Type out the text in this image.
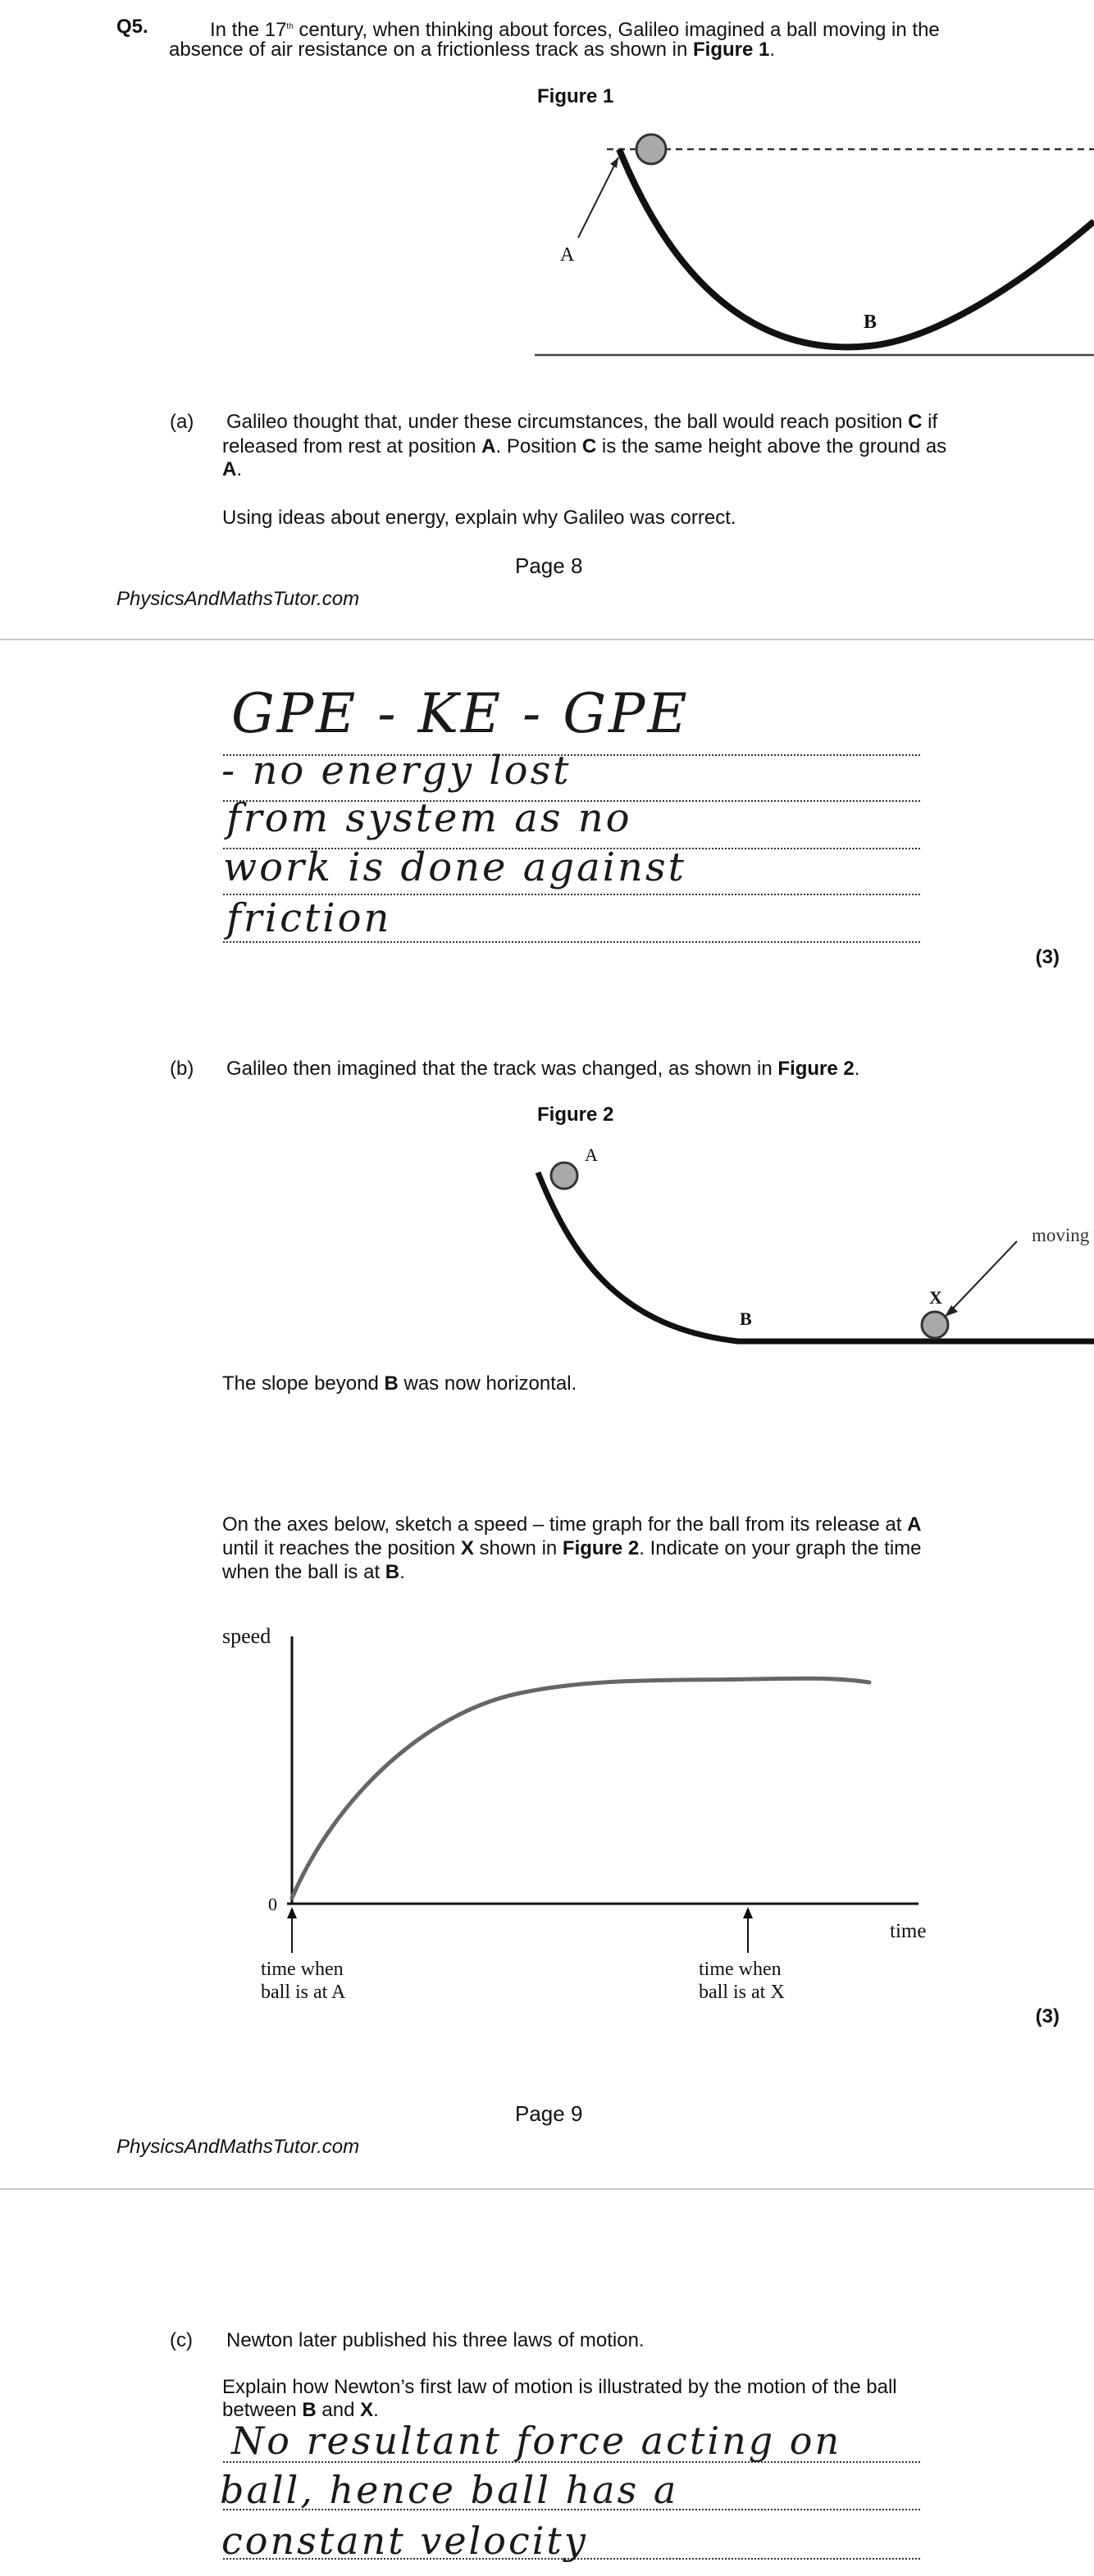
Q5.	In the 17th century, when thinking about forces, Galileo imagined a ball moving in the
absence of air resistance on a frictionless track as shown in Figure 1.
Figure 1
A
B
(a) Galileo thought that, under these circumstances, the ball would reach position C if
released from rest at position A. Position C is the same height above the ground as
A.
Using ideas about energy, explain why Galileo was correct.
Page 8
PhysicsAndMathsTutor.com
GPE - KE - GPE
- no energy lost
from system as no
work is done against
friction
(3)
(b) Galileo then imagined that the track was changed, as shown in Figure 2.
Figure 2
A
B
X
moving
The slope beyond B was now horizontal.
On the axes below, sketch a speed – time graph for the ball from its release at A
until it reaches the position X shown in Figure 2. Indicate on your graph the time
when the ball is at B.
speed
0
time
time when
ball is at A
time when
ball is at X
(3)
Page 9
PhysicsAndMathsTutor.com
(c) Newton later published his three laws of motion.
Explain how Newton’s first law of motion is illustrated by the motion of the ball
between B and X.
No resultant force acting on
ball, hence ball has a
constant velocity
